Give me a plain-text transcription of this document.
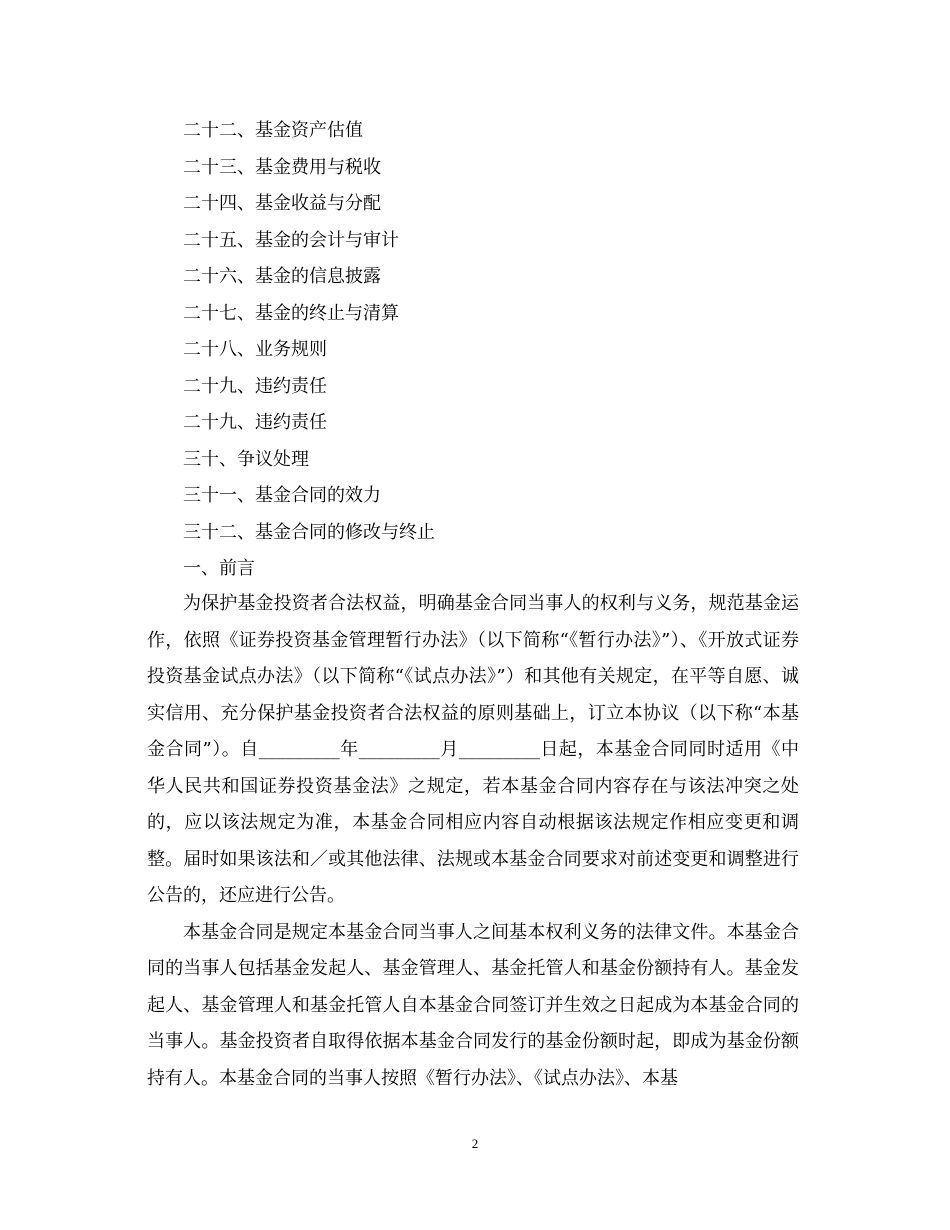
二十二、基金资产估值
二十三、基金费用与税收
二十四、基金收益与分配
二十五、基金的会计与审计
二十六、基金的信息披露
二十七、基金的终止与清算
二十八、业务规则
二十九、违约责任
二十九、违约责任
三十、争议处理
三十一、基金合同的效力
三十二、基金合同的修改与终止
一、前言

为保护基金投资者合法权益，明确基金合同当事人的权利与义务，规范基金运作，依照《证券投资基金管理暂行办法》（以下简称“《暂行办法》”）、《开放式证券投资基金试点办法》（以下简称“《试点办法》”）和其他有关规定，在平等自愿、诚实信用、充分保护基金投资者合法权益的原则基础上，订立本协议（以下称“本基金合同”）。自_________年_________月_________日起，本基金合同同时适用《中华人民共和国证券投资基金法》之规定，若本基金合同内容存在与该法冲突之处的，应以该法规定为准，本基金合同相应内容自动根据该法规定作相应变更和调整。届时如果该法和／或其他法律、法规或本基金合同要求对前述变更和调整进行公告的，还应进行公告。

本基金合同是规定本基金合同当事人之间基本权利义务的法律文件。本基金合同的当事人包括基金发起人、基金管理人、基金托管人和基金份额持有人。基金发起人、基金管理人和基金托管人自本基金合同签订并生效之日起成为本基金合同的当事人。基金投资者自取得依据本基金合同发行的基金份额时起，即成为基金份额持有人。本基金合同的当事人按照《暂行办法》、《试点办法》、本基

2
